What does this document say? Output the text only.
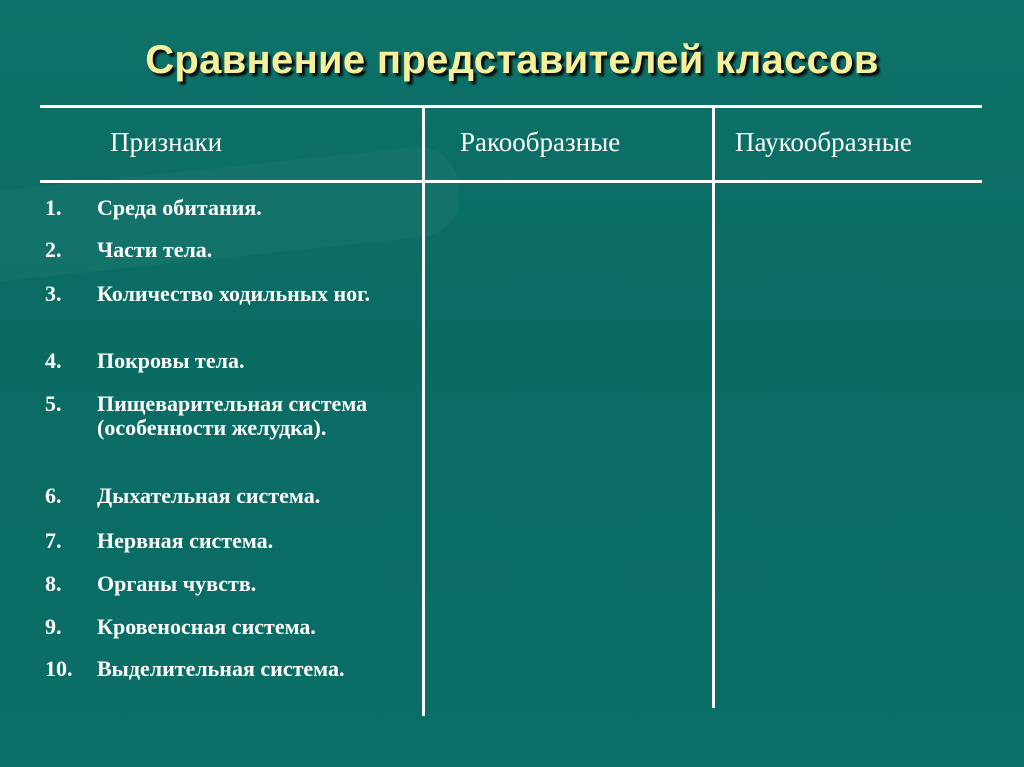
Сравнение представителей классов
Признаки	Ракообразные	Паукообразные
1. Среда обитания.
2. Части тела.
3. Количество ходильных ног.
4. Покровы тела.
5. Пищеварительная система (особенности желудка).
6. Дыхательная система.
7. Нервная система.
8. Органы чувств.
9. Кровеносная система.
10. Выделительная система.
